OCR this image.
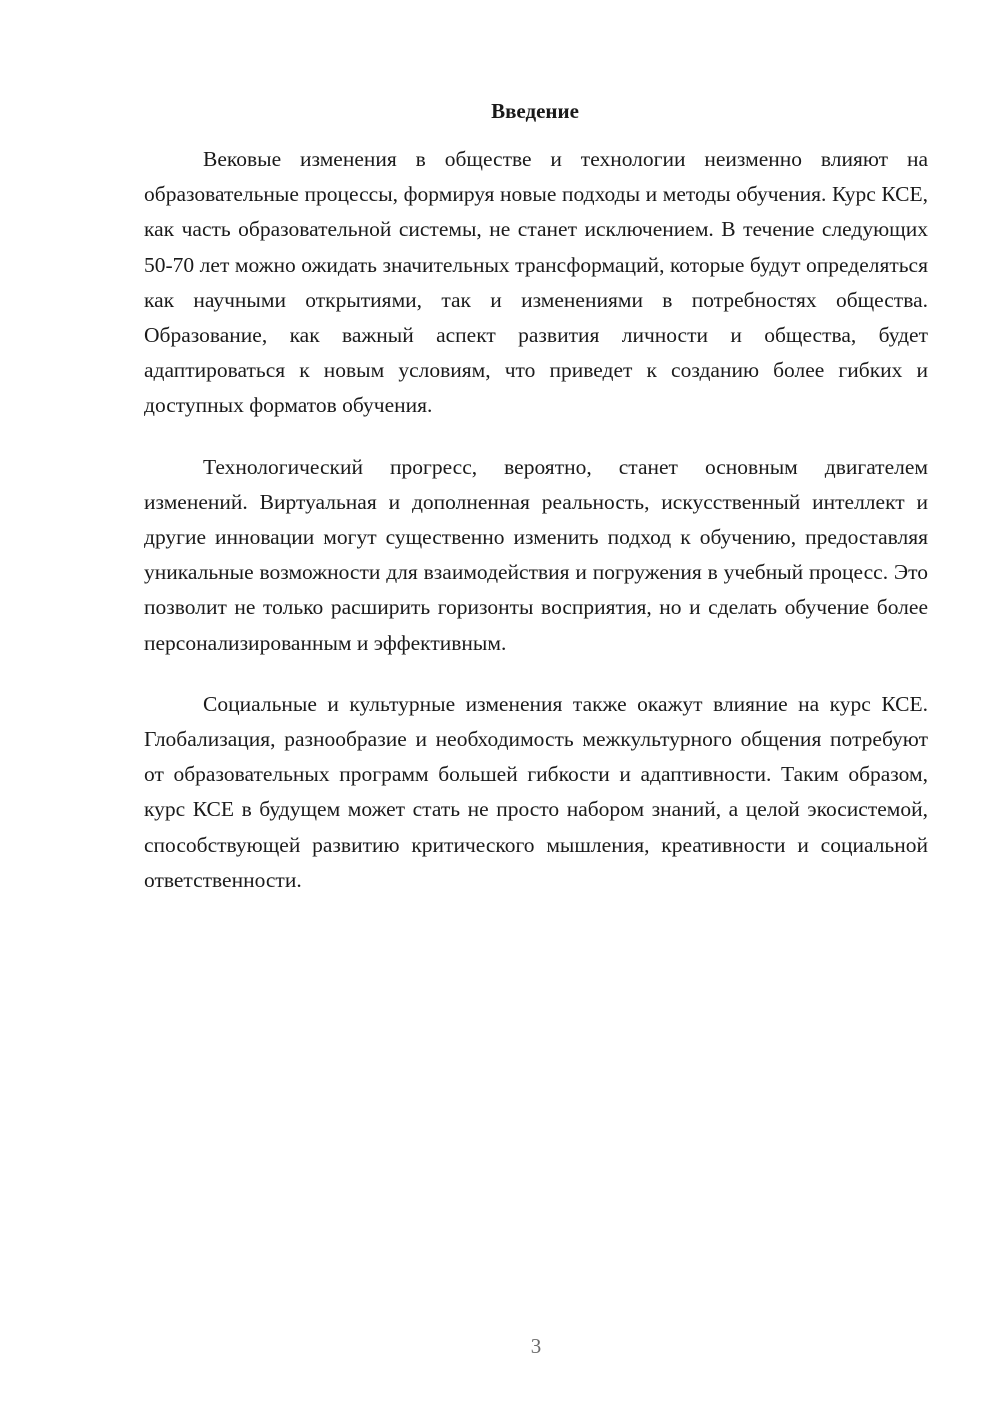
Введение

Вековые изменения в обществе и технологии неизменно влияют на образовательные процессы, формируя новые подходы и методы обучения. Курс КСЕ, как часть образовательной системы, не станет исключением. В течение следующих 50-70 лет можно ожидать значительных трансформаций, которые будут определяться как научными открытиями, так и изменениями в потребностях общества. Образование, как важный аспект развития личности и общества, будет адаптироваться к новым условиям, что приведет к созданию более гибких и доступных форматов обучения.

Технологический прогресс, вероятно, станет основным двигателем изменений. Виртуальная и дополненная реальность, искусственный интеллект и другие инновации могут существенно изменить подход к обучению, предоставляя уникальные возможности для взаимодействия и погружения в учебный процесс. Это позволит не только расширить горизонты восприятия, но и сделать обучение более персонализированным и эффективным.

Социальные и культурные изменения также окажут влияние на курс КСЕ. Глобализация, разнообразие и необходимость межкультурного общения потребуют от образовательных программ большей гибкости и адаптивности. Таким образом, курс КСЕ в будущем может стать не просто набором знаний, а целой экосистемой, способствующей развитию критического мышления, креативности и социальной ответственности.

3
